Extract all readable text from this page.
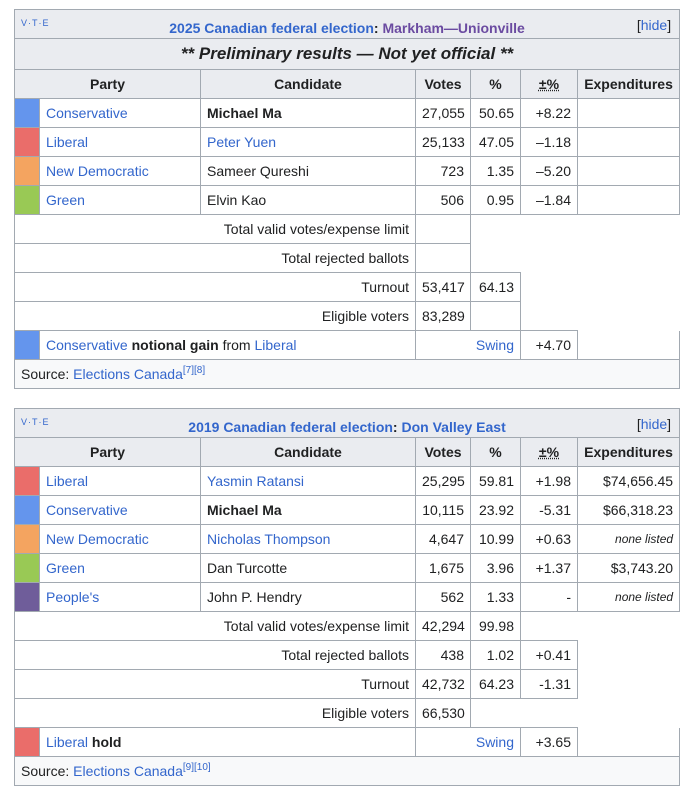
V·T·E 2025 Canadian federal election: Markham—Unionville [hide]						

** Preliminary results — Not yet official **						
Party		Candidate	Votes	%	±%	Expenditures
	Conservative	Michael Ma	27,055	50.65	+8.22	
	Liberal	Peter Yuen	25,133	47.05	–1.18	
	New Democratic	Sameer Qureshi	723	1.35	–5.20	
	Green	Elvin Kao	506	0.95	–1.84	
Total valid votes/expense limit						
Total rejected ballots						
Turnout			53,417	64.13		
Eligible voters			83,289			
	Conservative notional gain from Liberal		Swing		+4.70	
Source: Elections Canada[7][8]
V·T·E 2019 Canadian federal election: Don Valley East [hide]						

Party		Candidate	Votes	%	±%	Expenditures
	Liberal	Yasmin Ratansi	25,295	59.81	+1.98	$74,656.45
	Conservative	Michael Ma	10,115	23.92	-5.31	$66,318.23
	New Democratic	Nicholas Thompson	4,647	10.99	+0.63	none listed
	Green	Dan Turcotte	1,675	3.96	+1.37	$3,743.20
	People's	John P. Hendry	562	1.33	-	none listed
Total valid votes/expense limit			42,294	99.98		
Total rejected ballots			438	1.02	+0.41	
Turnout			42,732	64.23	-1.31	
Eligible voters			66,530			
	Liberal hold		Swing		+3.65	
Source: Elections Canada[9][10]
